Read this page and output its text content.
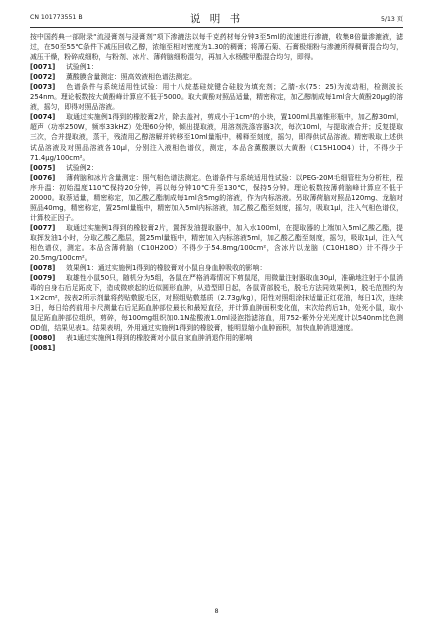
CN 101773551 B	说 明 书	5/13 页
按中国药典一部附录“流浸膏剂与浸膏剂”项下渗漉法以每千克药材每分钟3至5ml的流速进行渗漉，收集8倍量渗漉液，滤过，在50至55℃条件下减压回收乙醇，浓缩至相对密度为1.30的稠膏；将薄石菊、石膏极细粉与渗漉所得稠膏混合均匀，减压干燥，粉碎成细粉，与粉剂、冰片、薄荷脑细粉混匀，再加入水杨酸甲酯混合均匀，即得。
[0071] 试验例1：
[0072] 薰酸膜含量测定：照高效液相色谱法测定。
[0073] 色谱条件与系统适用性试验：用十八烷基硅烷键合硅胶为填充剂；乙腈-水(75：25)为流动相，检测波长254nm。理论板数按大黄酚峰计算应不低于5000。取大黄酚对照品适量，精密称定，加乙醇制成每1ml含大黄酚20μg的溶液，摇匀，即得对照品溶液。
[0074] 取通过实施例1得到的橡胶膏2片，除去盖衬，剪成小于1cm²的小块，置100ml具塞锥形瓶中，加乙醇30ml，超声（功率250W，频率33kHZ）处理60分钟，倾出提取液，用溶剂洗涤容器3次，每次10ml，与提取液合并；反复提取三次，合并提取液，蒸干，残渣用乙醇溶解并转移至10ml量瓶中，稀释至刻度，摇匀，即得供试品溶液。精密吸取上述供试品溶液及对照品溶液各10μl，分别注入液相色谱仪，测定，本品含薰酸膜以大黄酚（C15H10O4）计，不得少于71.4μg/100cm²。
[0075] 试验例2：
[0076] 薄荷脑和冰片含量测定：照气相色谱法测定。色谱条件与系统适用性试验：以PEG-20M毛细管柱为分析柱，程序升温：初始温度110℃保持20分钟，再以每分钟10℃升至130℃，保持5分钟。理论板数按薄荷脑峰计算应不低于20000。取萘适量，精密称定，加乙酸乙酯制成每1ml含5mg的溶液，作为内标溶液。另取薄荷脑对照品120mg、龙脑对照品40mg，精密称定，置25ml量瓶中，精密加入5ml内标溶液，加乙酸乙酯至刻度，摇匀，吸取1μl，注入气相色谱仪，计算校正因子。
[0077] 取通过实施例1得到的橡胶膏2片，置挥发油提取器中，加入水100ml，在提取器的上端加入5ml乙酸乙酯，提取挥发油1小时，分取乙酸乙酯层，置25ml量瓶中，精密加入内标溶液5ml，加乙酸乙酯至刻度，摇匀，吸取1μl，注入气相色谱仪，测定。本品含薄荷脑（C10H20O）不得少于54.8mg/100cm²，含冰片以龙脑（C10H18O）计不得少于20.5mg/100cm²。
[0078] 效果例1：通过实施例1得到的橡胶膏对小鼠自身血肿吸收的影响：
[0079] 取雄性小鼠50只，随机分为5组，各鼠在严格消毒情况下剪鼠尾，用微量注射器取血30μl，准确地注射于小鼠消毒的自身右后足跖皮下，造成微瘀起的近似圆形血肿，从造型即日起，各鼠背部脱毛，脱毛方法同效果例1，脱毛范围约为1×2cm²，按表2所示剂量将药贴敷脱毛区，对照组贴敷基质（2.73g/kg），阳性对照组涂抹适量正红花油，每日1次，连续3日，每日给药前用卡尺测量右后足跖血肿部位最长和最短直径，并计算血肿面积变化值，末次给药后1h，处死小鼠，取小鼠足跖血肿部位组织，剪碎，每100mg组织加0.1N盐酸液1.0ml浸泡指滤溶血，用752-紫外分光光度计以540nm比色测OD值，结果见表1。结果表明，外用通过实施例1得到的橡胶膏，能明显缩小血肿面积，加快血肿消退速度。
[0080] 表1通过实施例1得到的橡胶膏对小鼠自家血肿消退作用的影响
[0081]
8
